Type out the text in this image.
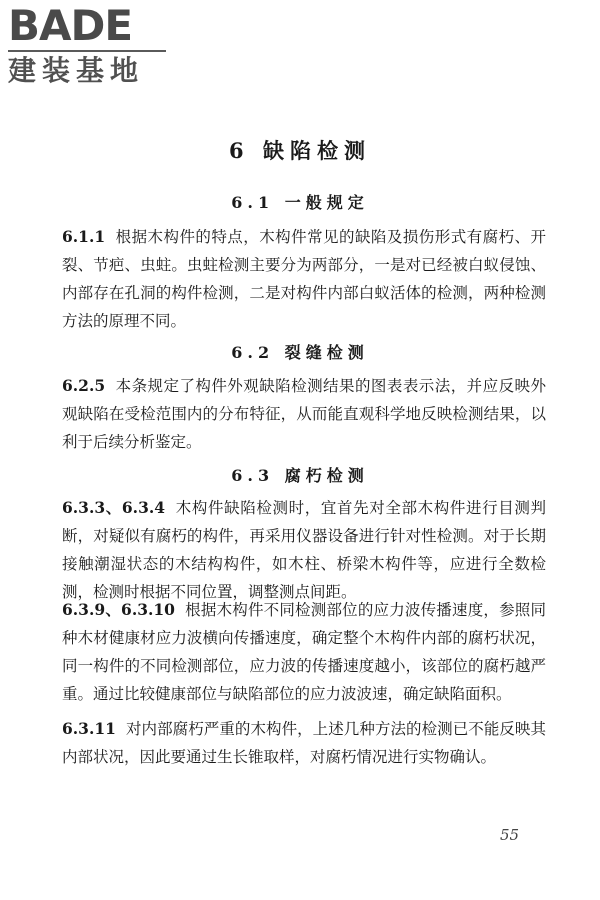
BADE
建装基地
6 缺陷检测
6.1 一般规定
6.1.1 根据木构件的特点，木构件常见的缺陷及损伤形式有腐朽、开裂、节疤、虫蛀。虫蛀检测主要分为两部分，一是对已经被白蚁侵蚀、内部存在孔洞的构件检测，二是对构件内部白蚁活体的检测，两种检测方法的原理不同。
6.2 裂缝检测
6.2.5 本条规定了构件外观缺陷检测结果的图表表示法，并应反映外观缺陷在受检范围内的分布特征，从而能直观科学地反映检测结果，以利于后续分析鉴定。
6.3 腐朽检测
6.3.3、6.3.4 木构件缺陷检测时，宜首先对全部木构件进行目测判断，对疑似有腐朽的构件，再采用仪器设备进行针对性检测。对于长期接触潮湿状态的木结构构件，如木柱、桥梁木构件等，应进行全数检测，检测时根据不同位置，调整测点间距。
6.3.9、6.3.10 根据木构件不同检测部位的应力波传播速度，参照同种木材健康材应力波横向传播速度，确定整个木构件内部的腐朽状况，同一构件的不同检测部位，应力波的传播速度越小，该部位的腐朽越严重。通过比较健康部位与缺陷部位的应力波波速，确定缺陷面积。
6.3.11 对内部腐朽严重的木构件，上述几种方法的检测已不能反映其内部状况，因此要通过生长锥取样，对腐朽情况进行实物确认。
55
